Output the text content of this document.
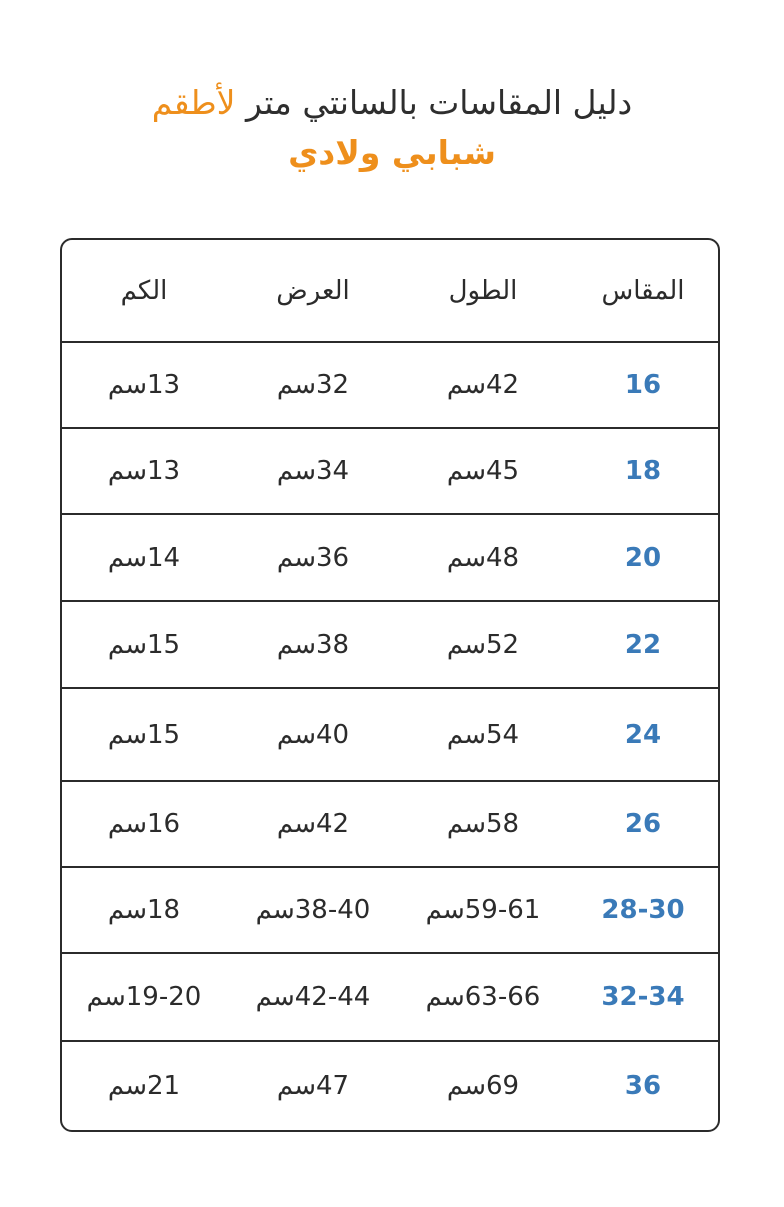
دليل المقاسات بالسانتي متر لأطقم
شبابي ولادي
المقاس
الطول
العرض
الكم
16
42سم
32سم
13سم
18
45سم
34سم
13سم
20
48سم
36سم
14سم
22
52سم
38سم
15سم
24
54سم
40سم
15سم
26
58سم
42سم
16سم
28-30
59-61سم
38-40سم
18سم
32-34
63-66سم
42-44سم
19-20سم
36
69سم
47سم
21سم
